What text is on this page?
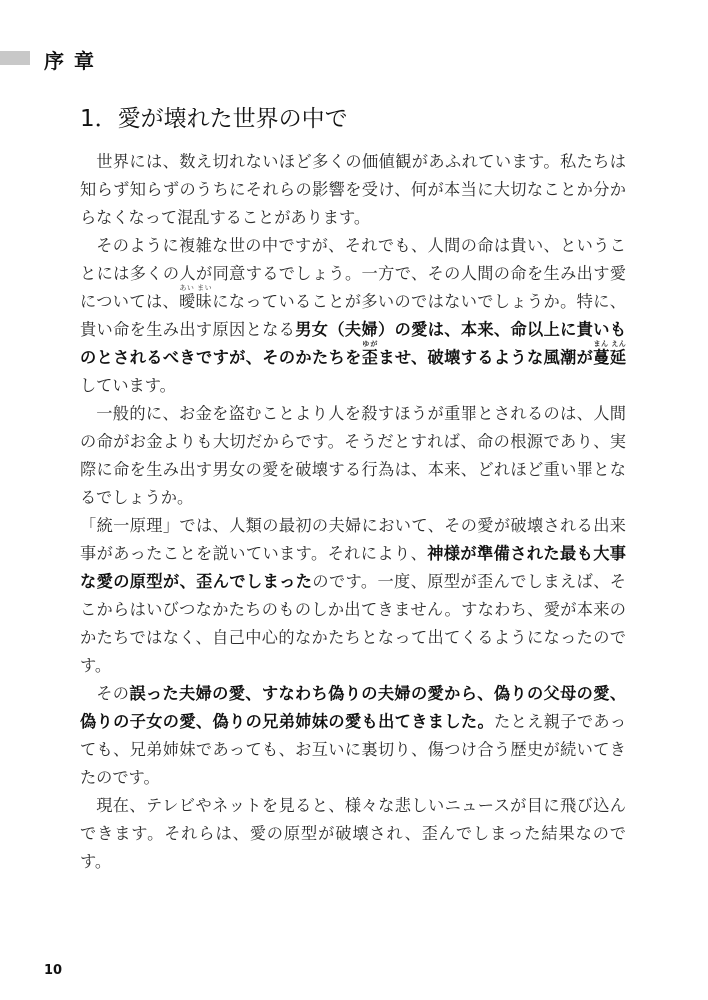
序章
1．愛が壊れた世界の中で

世界には、数え切れないほど多くの価値観があふれています。私たちは知らず知らずのうちにそれらの影響を受け、何が本当に大切なことか分からなくなって混乱することがあります。

そのように複雑な世の中ですが、それでも、人間の命は貴い、ということには多くの人が同意するでしょう。一方で、その人間の命を生み出す愛については、曖昧あい まいになっていることが多いのではないでしょうか。特に、貴い命を生み出す原因となる男女（夫婦）の愛は、本来、命以上に貴いものとされるべきですが、そのかたちを歪ゆがませ、破壊するような風潮が蔓延まん えんしています。

一般的に、お金を盗むことより人を殺すほうが重罪とされるのは、人間の命がお金よりも大切だからです。そうだとすれば、命の根源であり、実際に命を生み出す男女の愛を破壊する行為は、本来、どれほど重い罪となるでしょうか。

「統一原理」では、人類の最初の夫婦において、その愛が破壊される出来事があったことを説いています。それにより、神様が準備された最も大事な愛の原型が、歪んでしまったのです。一度、原型が歪んでしまえば、そこからはいびつなかたちのものしか出てきません。すなわち、愛が本来のかたちではなく、自己中心的なかたちとなって出てくるようになったのです。

その誤った夫婦の愛、すなわち偽りの夫婦の愛から、偽りの父母の愛、偽りの子女の愛、偽りの兄弟姉妹の愛も出てきました。たとえ親子であっても、兄弟姉妹であっても、お互いに裏切り、傷つけ合う歴史が続いてきたのです。

現在、テレビやネットを見ると、様々な悲しいニュースが目に飛び込んできます。それらは、愛の原型が破壊され、歪んでしまった結果なのです。

10
